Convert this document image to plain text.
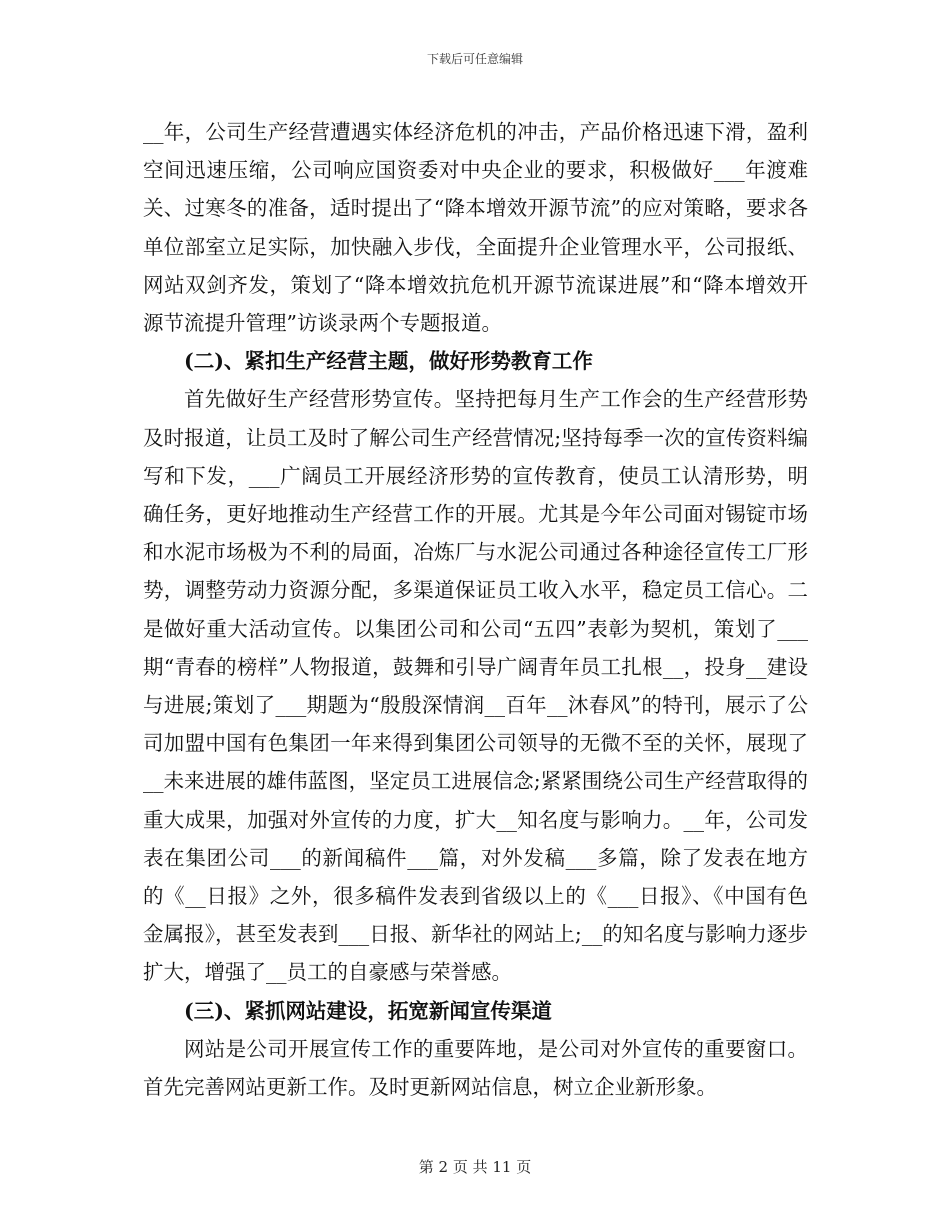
下载后可任意编辑

__年，公司生产经营遭遇实体经济危机的冲击，产品价格迅速下滑，盈利空间迅速压缩，公司响应国资委对中央企业的要求，积极做好___年渡难关、过寒冬的准备，适时提出了“降本增效开源节流”的应对策略，要求各单位部室立足实际，加快融入步伐，全面提升企业管理水平，公司报纸、网站双剑齐发，策划了“降本增效抗危机开源节流谋进展”和“降本增效开源节流提升管理”访谈录两个专题报道。

(二)、紧扣生产经营主题，做好形势教育工作

首先做好生产经营形势宣传。坚持把每月生产工作会的生产经营形势及时报道，让员工及时了解公司生产经营情况;坚持每季一次的宣传资料编写和下发，___广阔员工开展经济形势的宣传教育，使员工认清形势，明确任务，更好地推动生产经营工作的开展。尤其是今年公司面对锡锭市场和水泥市场极为不利的局面，冶炼厂与水泥公司通过各种途径宣传工厂形势，调整劳动力资源分配，多渠道保证员工收入水平，稳定员工信心。二是做好重大活动宣传。以集团公司和公司“五四”表彰为契机，策划了___期“青春的榜样”人物报道，鼓舞和引导广阔青年员工扎根__，投身__建设与进展;策划了___期题为“殷殷深情润__百年__沐春风”的特刊，展示了公司加盟中国有色集团一年来得到集团公司领导的无微不至的关怀，展现了__未来进展的雄伟蓝图，坚定员工进展信念;紧紧围绕公司生产经营取得的重大成果，加强对外宣传的力度，扩大__知名度与影响力。__年，公司发表在集团公司___的新闻稿件___篇，对外发稿___多篇，除了发表在地方的《__日报》之外，很多稿件发表到省级以上的《___日报》、《中国有色金属报》，甚至发表到___日报、新华社的网站上;__的知名度与影响力逐步扩大，增强了__员工的自豪感与荣誉感。

(三)、紧抓网站建设，拓宽新闻宣传渠道

网站是公司开展宣传工作的重要阵地，是公司对外宣传的重要窗口。首先完善网站更新工作。及时更新网站信息，树立企业新形象。

第 2 页 共 11 页
